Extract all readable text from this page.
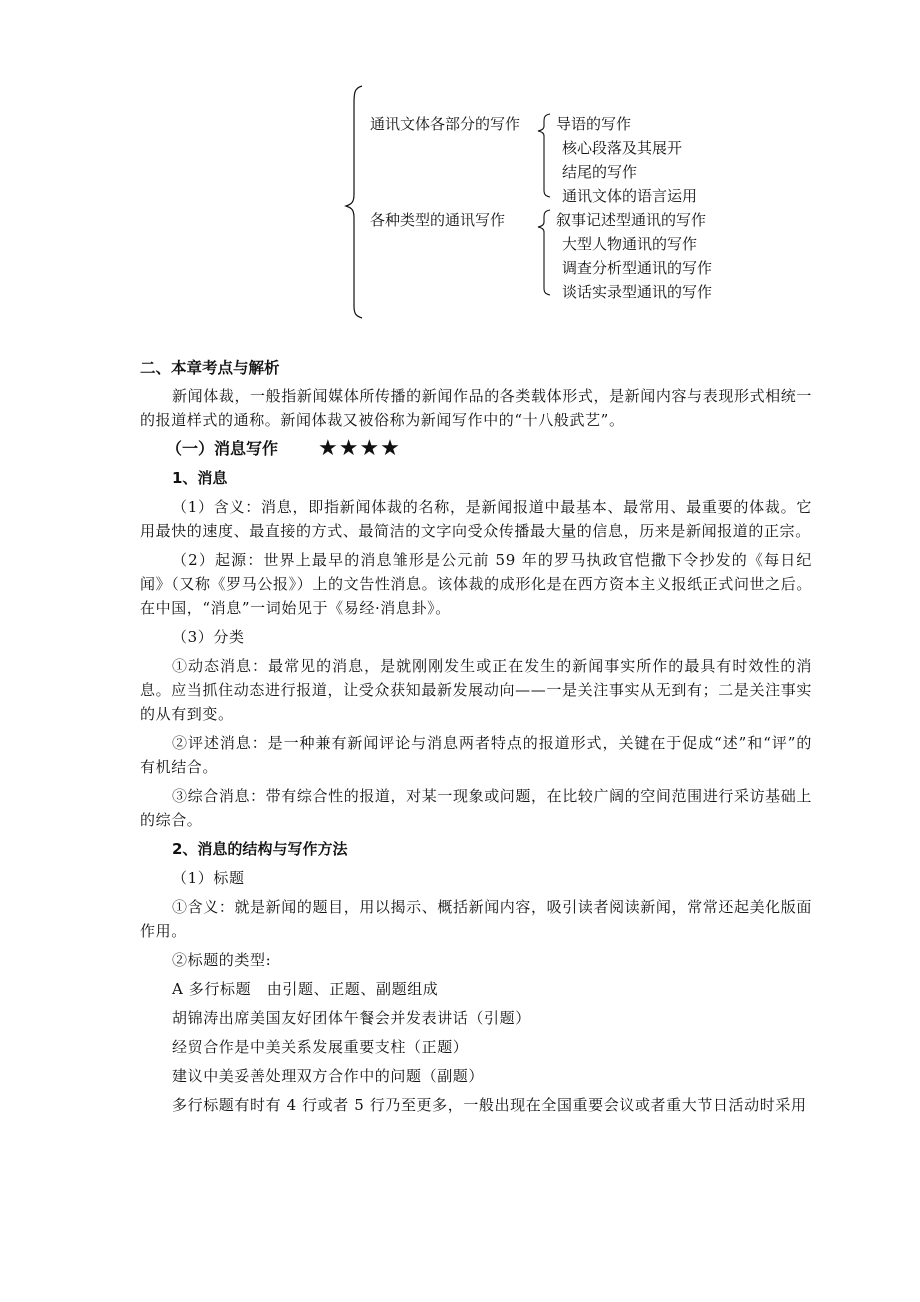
通讯文体各部分的写作 导语的写作
核心段落及其展开
结尾的写作
通讯文体的语言运用
各种类型的通讯写作	叙事记述型通讯的写作
大型人物通讯的写作
调查分析型通讯的写作
谈话实录型通讯的写作
二、本章考点与解析

新闻体裁，一般指新闻媒体所传播的新闻作品的各类载体形式，是新闻内容与表现形式相统一的报道样式的通称。新闻体裁又被俗称为新闻写作中的“十八般武艺”。

（一）消息写作 ★★★★
1、消息

（1）含义：消息，即指新闻体裁的名称，是新闻报道中最基本、最常用、最重要的体裁。它用最快的速度、最直接的方式、最简洁的文字向受众传播最大量的信息，历来是新闻报道的正宗。

（2）起源：世界上最早的消息雏形是公元前 59 年的罗马执政官恺撒下令抄发的《每日纪闻》（又称《罗马公报》）上的文告性消息。该体裁的成形化是在西方资本主义报纸正式问世之后。在中国，“消息”一词始见于《易经·消息卦》。

（3）分类

①动态消息：最常见的消息，是就刚刚发生或正在发生的新闻事实所作的最具有时效性的消息。应当抓住动态进行报道，让受众获知最新发展动向——一是关注事实从无到有；二是关注事实的从有到变。

②评述消息：是一种兼有新闻评论与消息两者特点的报道形式，关键在于促成“述”和“评”的有机结合。

③综合消息：带有综合性的报道，对某一现象或问题，在比较广阔的空间范围进行采访基础上的综合。

2、消息的结构与写作方法

（1）标题

①含义：就是新闻的题目，用以揭示、概括新闻内容，吸引读者阅读新闻，常常还起美化版面作用。

②标题的类型:

A 多行标题　由引题、正题、副题组成

胡锦涛出席美国友好团体午餐会并发表讲话（引题）

经贸合作是中美关系发展重要支柱（正题）

建议中美妥善处理双方合作中的问题（副题）

多行标题有时有 4 行或者 5 行乃至更多，一般出现在全国重要会议或者重大节日活动时采用
